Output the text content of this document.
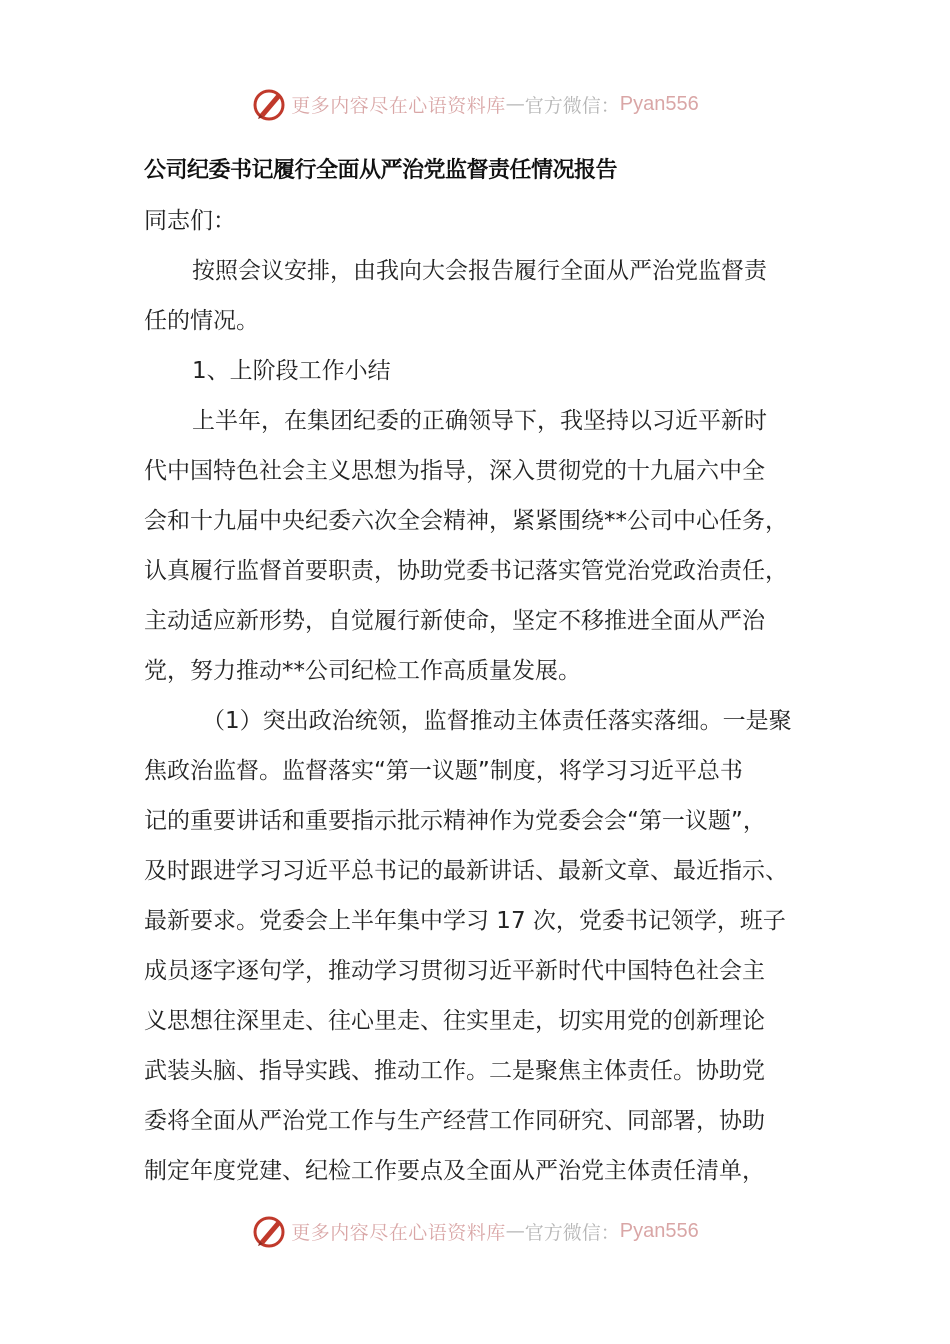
更多内容尽在心语资料库 — 官方微信： Pyan556
公司纪委书记履行全面从严治党监督责任情况报告
同志们：
按照会议安排，由我向大会报告履行全面从严治党监督责
任的情况。
1、上阶段工作小结
上半年，在集团纪委的正确领导下，我坚持以习近平新时
代中国特色社会主义思想为指导，深入贯彻党的十九届六中全
会和十九届中央纪委六次全会精神，紧紧围绕**公司中心任务，
认真履行监督首要职责，协助党委书记落实管党治党政治责任，
主动适应新形势，自觉履行新使命，坚定不移推进全面从严治
党，努力推动**公司纪检工作高质量发展。
（1）突出政治统领，监督推动主体责任落实落细。一是聚
焦政治监督。监督落实“第一议题”制度，将学习习近平总书
记的重要讲话和重要指示批示精神作为党委会会“第一议题”，
及时跟进学习习近平总书记的最新讲话、最新文章、最近指示、
最新要求。党委会上半年集中学习 17 次，党委书记领学，班子
成员逐字逐句学，推动学习贯彻习近平新时代中国特色社会主
义思想往深里走、往心里走、往实里走，切实用党的创新理论
武装头脑、指导实践、推动工作。二是聚焦主体责任。协助党
委将全面从严治党工作与生产经营工作同研究、同部署，协助
制定年度党建、纪检工作要点及全面从严治党主体责任清单，
更多内容尽在心语资料库 — 官方微信： Pyan556
